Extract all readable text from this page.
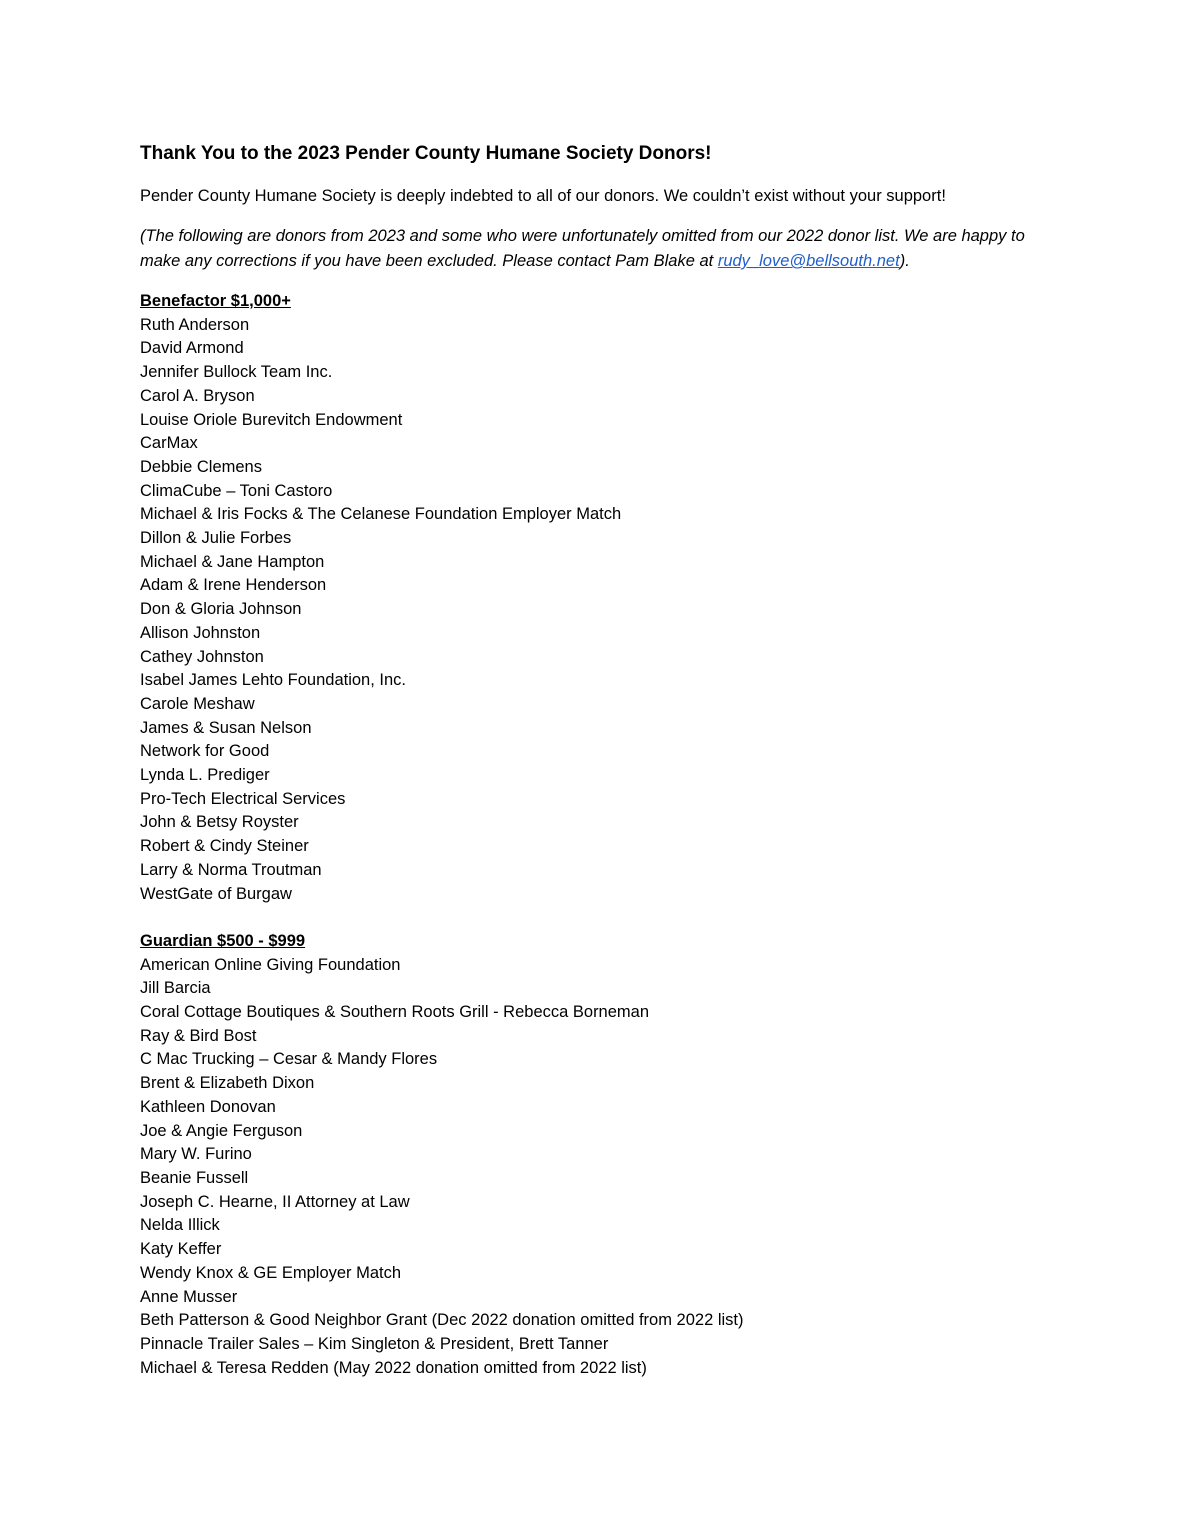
Thank You to the 2023 Pender County Humane Society Donors!

Pender County Humane Society is deeply indebted to all of our donors. We couldn’t exist without your support!

(The following are donors from 2023 and some who were unfortunately omitted from our 2022 donor list. We are happy to make any corrections if you have been excluded. Please contact Pam Blake at rudy_love@bellsouth.net).

Benefactor $1,000+
Ruth Anderson
David Armond
Jennifer Bullock Team Inc.
Carol A. Bryson
Louise Oriole Burevitch Endowment
CarMax
Debbie Clemens
ClimaCube – Toni Castoro
Michael & Iris Focks & The Celanese Foundation Employer Match
Dillon & Julie Forbes
Michael & Jane Hampton
Adam & Irene Henderson
Don & Gloria Johnson
Allison Johnston
Cathey Johnston
Isabel James Lehto Foundation, Inc.
Carole Meshaw
James & Susan Nelson
Network for Good
Lynda L. Prediger
Pro-Tech Electrical Services
John & Betsy Royster
Robert & Cindy Steiner
Larry & Norma Troutman
WestGate of Burgaw
Guardian $500 - $999
American Online Giving Foundation
Jill Barcia
Coral Cottage Boutiques & Southern Roots Grill - Rebecca Borneman
Ray & Bird Bost
C Mac Trucking – Cesar & Mandy Flores
Brent & Elizabeth Dixon
Kathleen Donovan
Joe & Angie Ferguson
Mary W. Furino
Beanie Fussell
Joseph C. Hearne, II Attorney at Law
Nelda Illick
Katy Keffer
Wendy Knox & GE Employer Match
Anne Musser
Beth Patterson & Good Neighbor Grant (Dec 2022 donation omitted from 2022 list)
Pinnacle Trailer Sales – Kim Singleton & President, Brett Tanner
Michael & Teresa Redden (May 2022 donation omitted from 2022 list)
